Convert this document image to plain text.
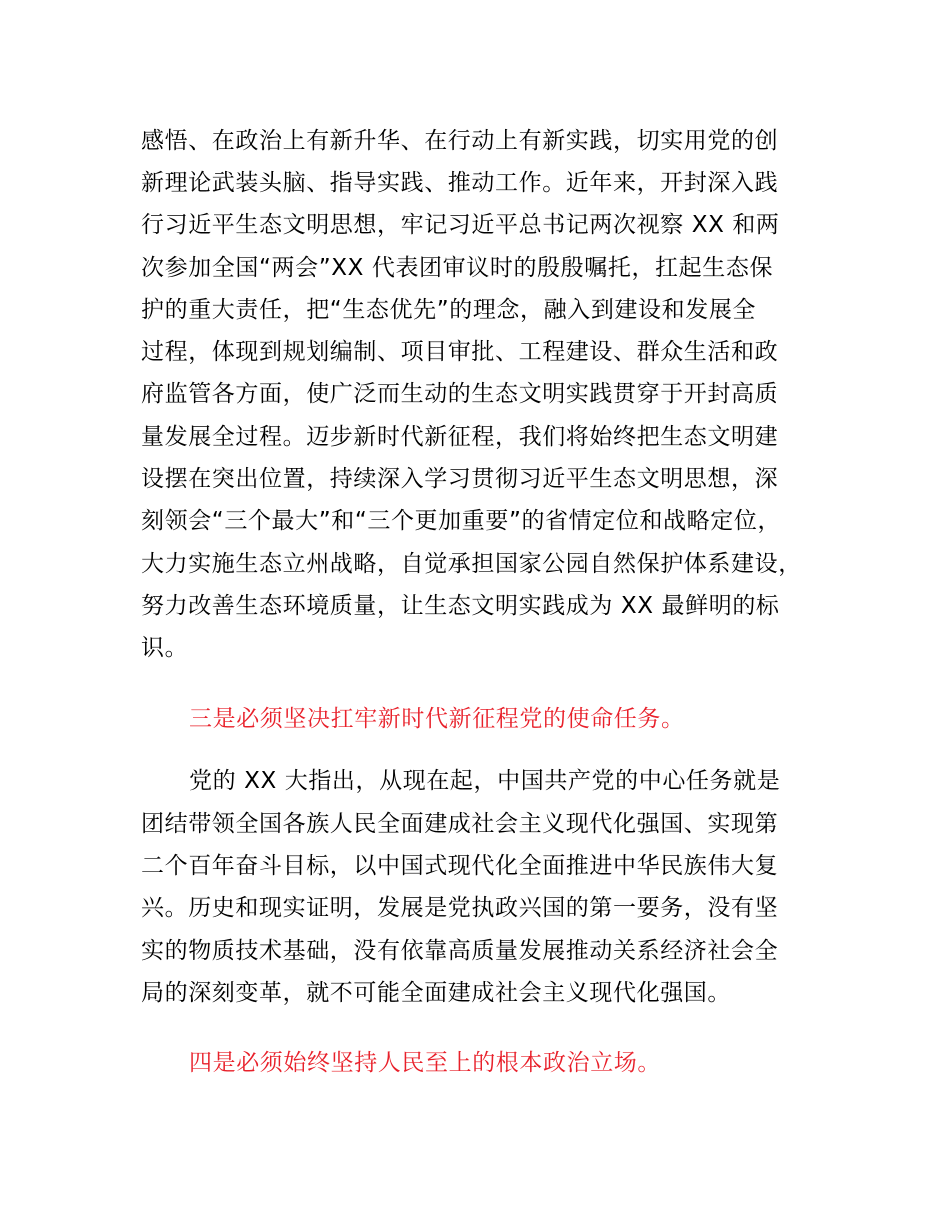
感悟、在政治上有新升华、在行动上有新实践，切实用党的创
新理论武装头脑、指导实践、推动工作。近年来，开封深入践
行习近平生态文明思想，牢记习近平总书记两次视察 XX 和两
次参加全国“两会”XX 代表团审议时的殷殷嘱托，扛起生态保
护的重大责任，把“生态优先”的理念，融入到建设和发展全
过程，体现到规划编制、项目审批、工程建设、群众生活和政
府监管各方面，使广泛而生动的生态文明实践贯穿于开封高质
量发展全过程。迈步新时代新征程，我们将始终把生态文明建
设摆在突出位置，持续深入学习贯彻习近平生态文明思想，深
刻领会“三个最大”和“三个更加重要”的省情定位和战略定位，
大力实施生态立州战略，自觉承担国家公园自然保护体系建设，
努力改善生态环境质量，让生态文明实践成为 XX 最鲜明的标
识。
三是必须坚决扛牢新时代新征程党的使命任务。
党的 XX 大指出，从现在起，中国共产党的中心任务就是
团结带领全国各族人民全面建成社会主义现代化强国、实现第
二个百年奋斗目标，以中国式现代化全面推进中华民族伟大复
兴。历史和现实证明，发展是党执政兴国的第一要务，没有坚
实的物质技术基础，没有依靠高质量发展推动关系经济社会全
局的深刻变革，就不可能全面建成社会主义现代化强国。
四是必须始终坚持人民至上的根本政治立场。
